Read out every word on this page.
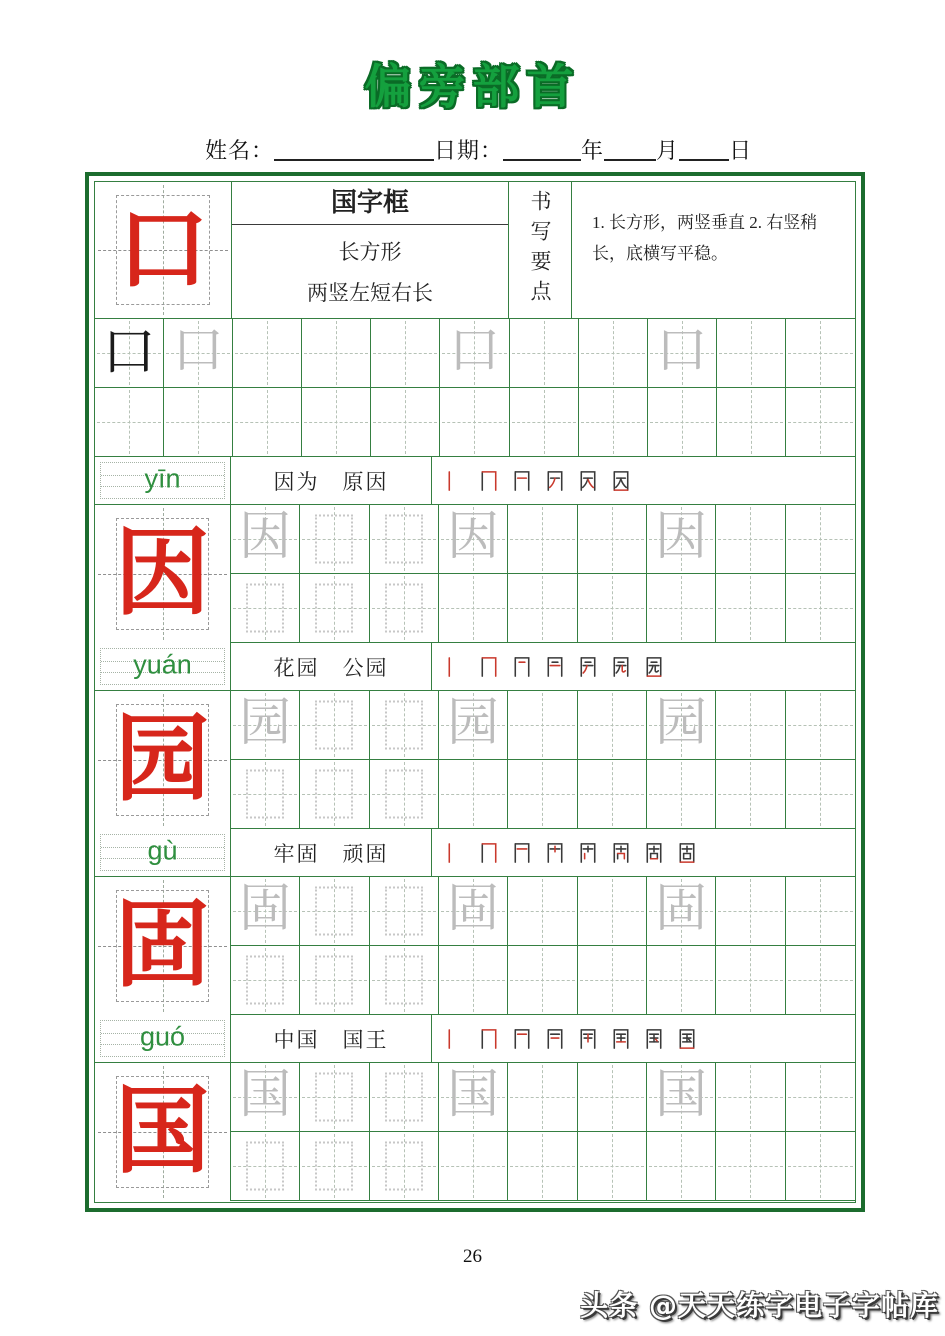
偏旁部首
姓名：	日期：	年 月 日
口	国字框
长方形
两竖左短右长	书写要点	1. 长方形，两竖垂直 2. 右竖稍长，底横写平稳。
口 口	口	口
yīn	因为　原因
因 因	因	因
yuán	花园　公园
园 园	园	园
gù	牢固　顽固
固 固	固	固
guó	中国　国王
国 国	国	国
26
头条 @天天练字电子字帖库
